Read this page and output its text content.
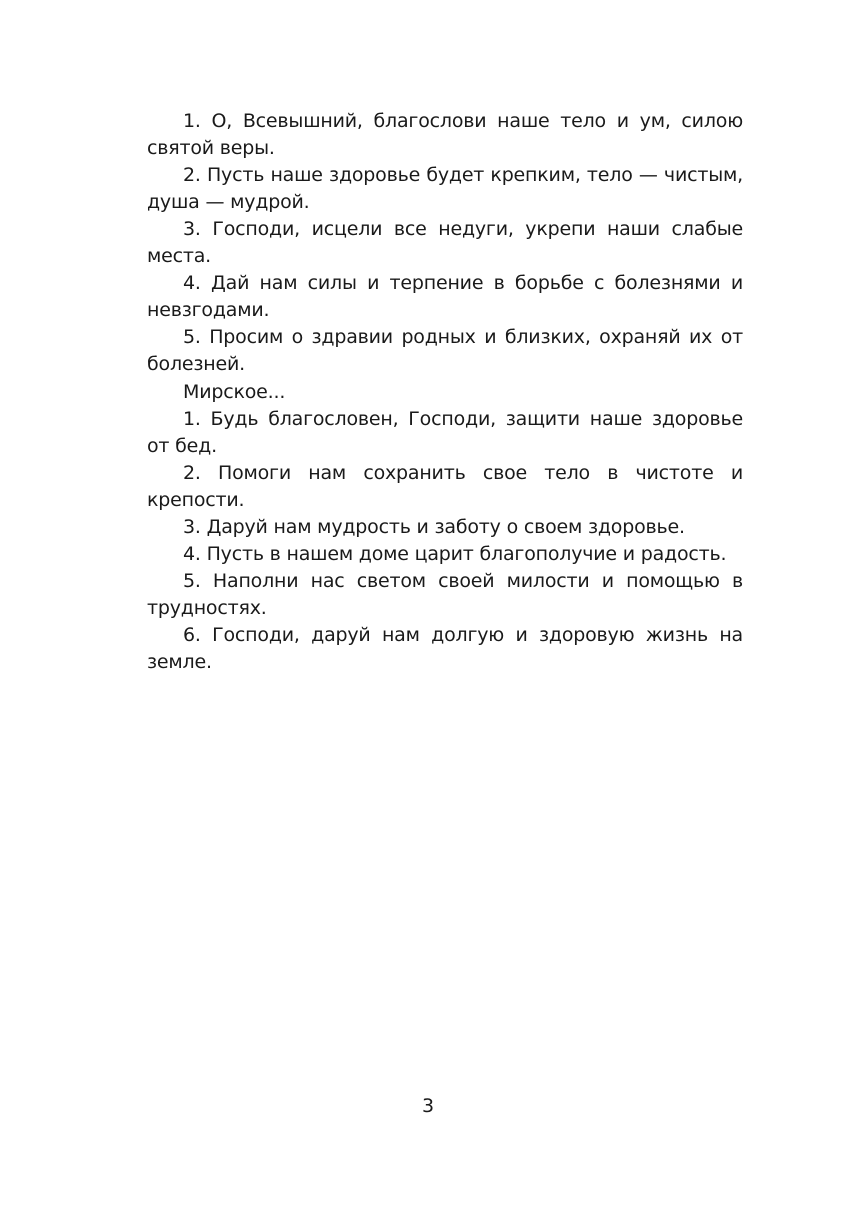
1. О, Всевышний, благослови наше тело и ум, силою святой веры.

2. Пусть наше здоровье будет крепким, тело — чистым, душа — мудрой.

3. Господи, исцели все недуги, укрепи наши слабые места.

4. Дай нам силы и терпение в борьбе с болезнями и невзгодами.

5. Просим о здравии родных и близких, охраняй их от болезней.

Мирское...

1. Будь благословен, Господи, защити наше здоровье от бед.

2. Помоги нам сохранить свое тело в чистоте и крепости.

3. Даруй нам мудрость и заботу о своем здоровье.

4. Пусть в нашем доме царит благополучие и радость.

5. Наполни нас светом своей милости и помощью в трудностях.

6. Господи, даруй нам долгую и здоровую жизнь на земле.

3
